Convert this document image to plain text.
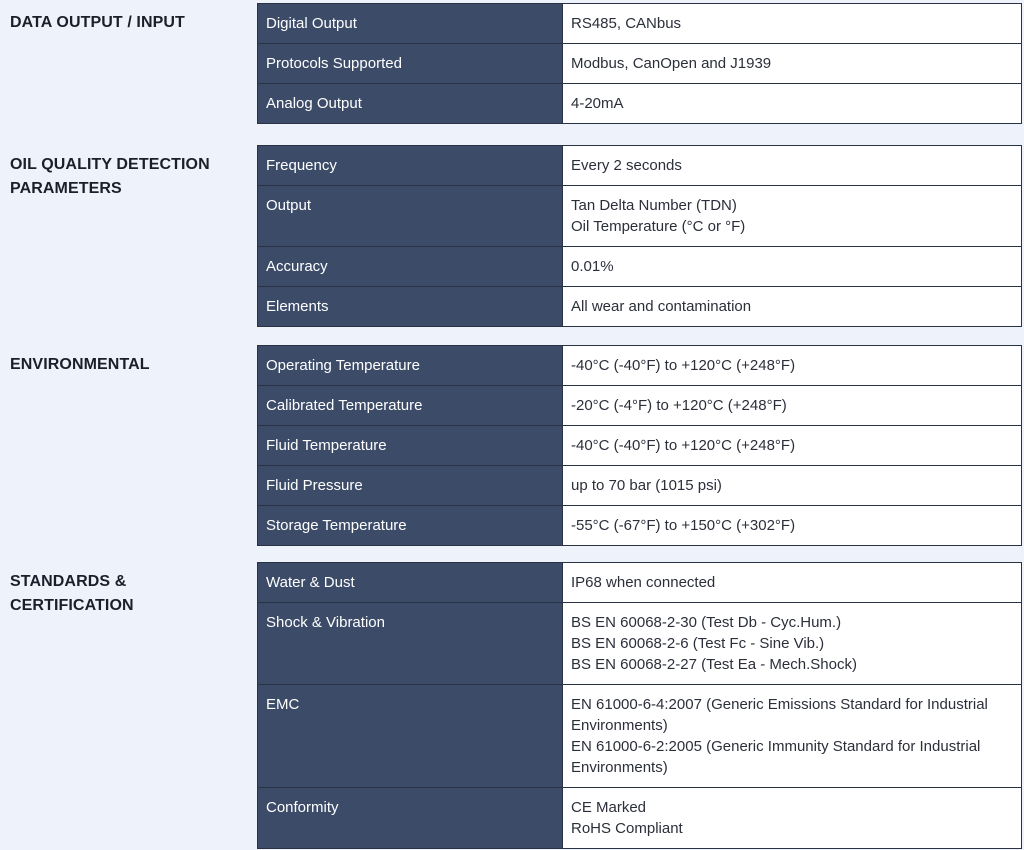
DATA OUTPUT / INPUT	Digital Output	RS485, CANbus

Protocols Supported	Modbus, CanOpen and J1939

Analog Output	4-20mA
OIL QUALITY DETECTION PARAMETERS
Frequency	Every 2 seconds

Output	Tan Delta Number (TDN)
Oil Temperature (°C or °F)

Accuracy	0.01%

Elements	All wear and contamination
ENVIRONMENTAL	Operating Temperature	-40°C (-40°F) to +120°C (+248°F)

Calibrated Temperature	-20°C (-4°F) to +120°C (+248°F)

Fluid Temperature	-40°C (-40°F) to +120°C (+248°F)

Fluid Pressure	up to 70 bar (1015 psi)

Storage Temperature	-55°C (-67°F) to +150°C (+302°F)
STANDARDS & CERTIFICATION
Water & Dust	IP68 when connected

Shock & Vibration	BS EN 60068-2-30 (Test Db - Cyc.Hum.)
BS EN 60068-2-6 (Test Fc - Sine Vib.)
BS EN 60068-2-27 (Test Ea - Mech.Shock)

EMC	EN 61000-6-4:2007 (Generic Emissions Standard for Industrial Environments)
EN 61000-6-2:2005 (Generic Immunity Standard for Industrial Environments)

Conformity	CE Marked
RoHS Compliant
